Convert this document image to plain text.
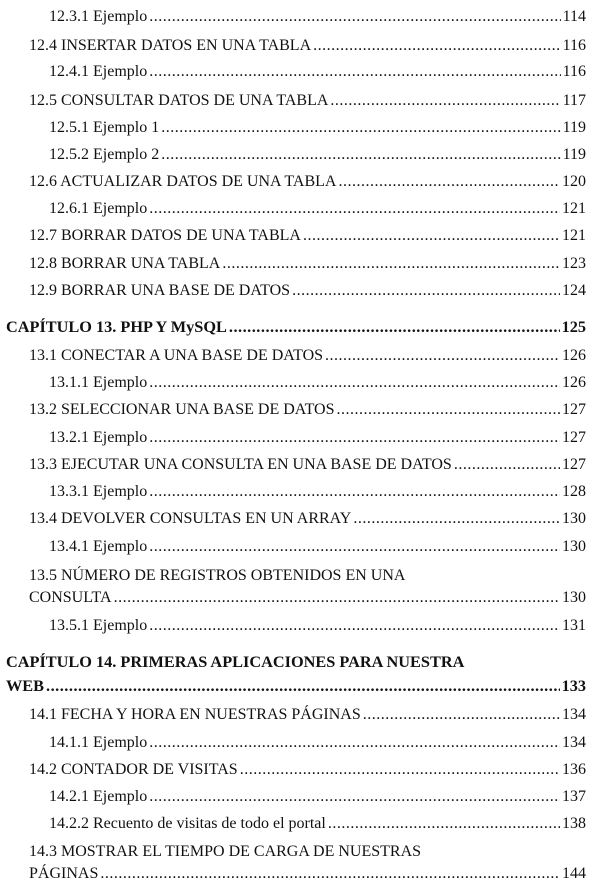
12.3.1 Ejemplo .....	114
12.4 INSERTAR DATOS EN UNA TABLA .....	116
12.4.1 Ejemplo .....	116
12.5 CONSULTAR DATOS DE UNA TABLA .....	117
12.5.1 Ejemplo 1 .....	119
12.5.2 Ejemplo 2 .....	119
12.6 ACTUALIZAR DATOS DE UNA TABLA .....	120
12.6.1 Ejemplo .....	121
12.7 BORRAR DATOS DE UNA TABLA .....	121
12.8 BORRAR UNA TABLA .....	123
12.9 BORRAR UNA BASE DE DATOS .....	124
CAPÍTULO 13. PHP Y MySQL .....	125
13.1 CONECTAR A UNA BASE DE DATOS .....	126
13.1.1 Ejemplo .....	126
13.2 SELECCIONAR UNA BASE DE DATOS .....	127
13.2.1 Ejemplo .....	127
13.3 EJECUTAR UNA CONSULTA EN UNA BASE DE DATOS .....	127
13.3.1 Ejemplo .....	128
13.4 DEVOLVER CONSULTAS EN UN ARRAY .....	130
13.4.1 Ejemplo .....	130
13.5 NÚMERO DE REGISTROS OBTENIDOS EN UNA
CONSULTA .....	130
13.5.1 Ejemplo .....	131
CAPÍTULO 14. PRIMERAS APLICACIONES PARA NUESTRA
WEB .....	133
14.1 FECHA Y HORA EN NUESTRAS PÁGINAS .....	134
14.1.1 Ejemplo .....	134
14.2 CONTADOR DE VISITAS .....	136
14.2.1 Ejemplo .....	137
14.2.2 Recuento de visitas de todo el portal .....	138
14.3 MOSTRAR EL TIEMPO DE CARGA DE NUESTRAS
PÁGINAS .....	144
